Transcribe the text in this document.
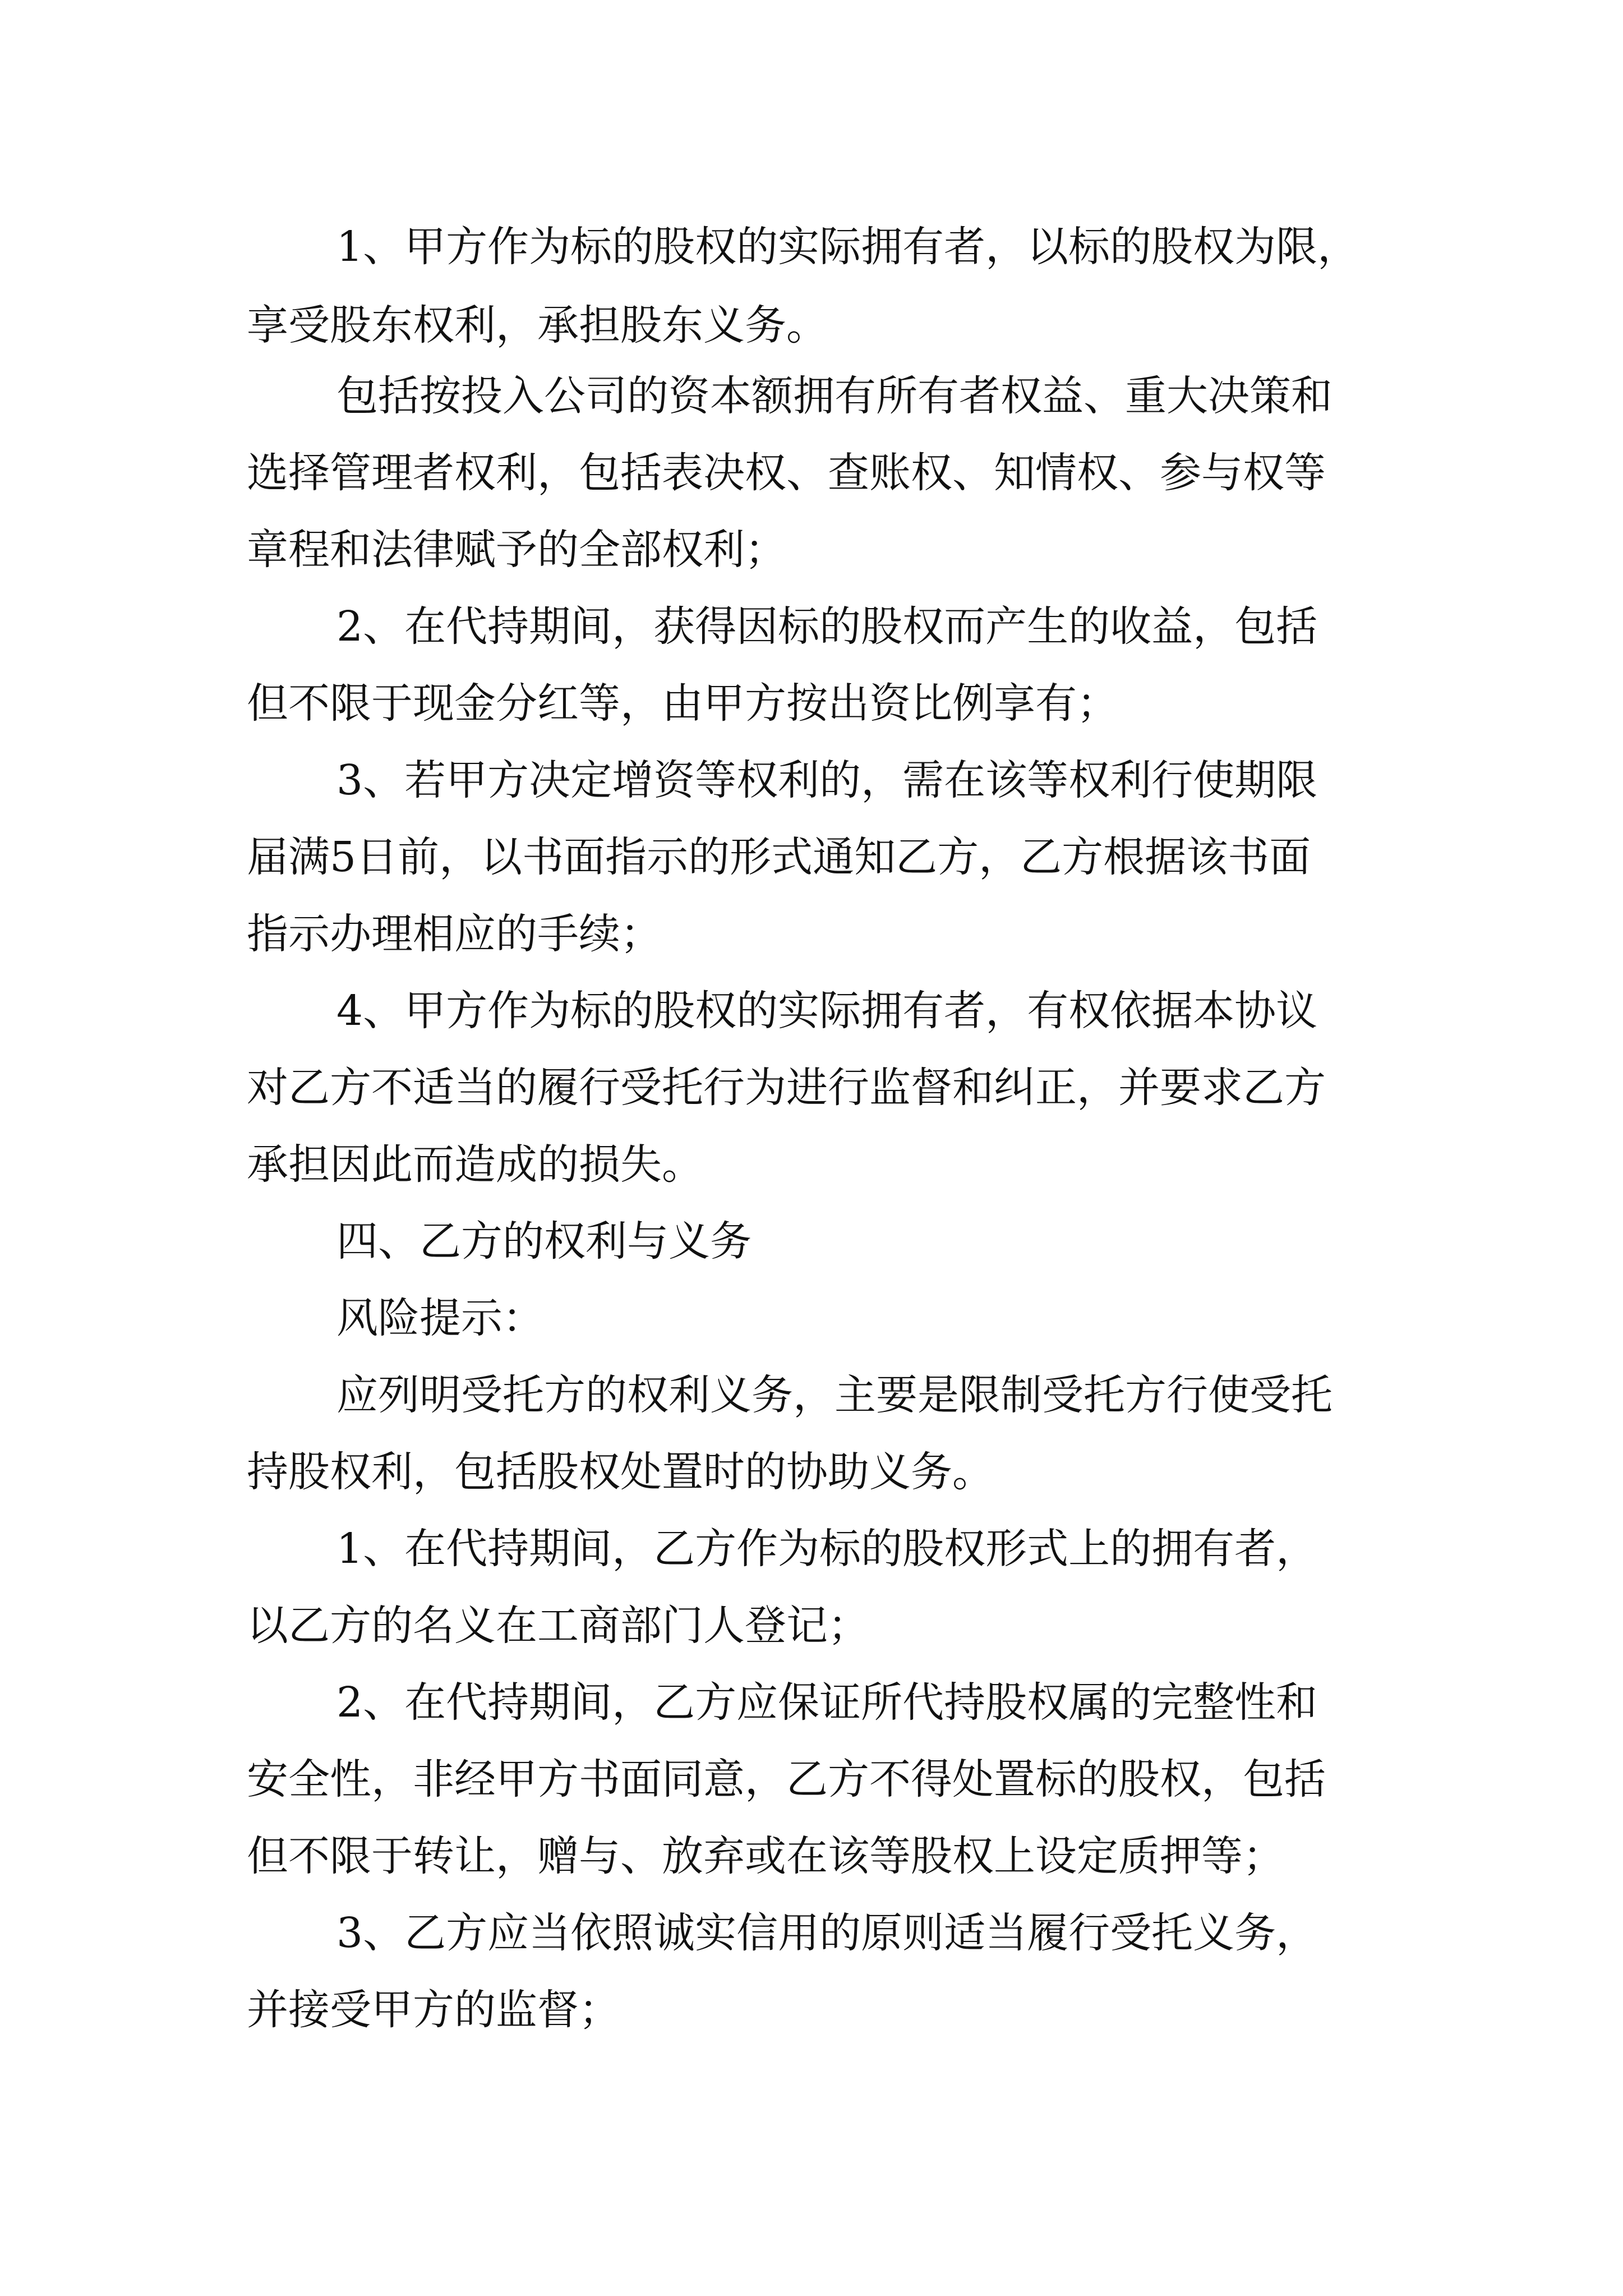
1、甲方作为标的股权的实际拥有者，以标的股权为限，
享受股东权利，承担股东义务。
包括按投入公司的资本额拥有所有者权益、重大决策和
选择管理者权利，包括表决权、查账权、知情权、参与权等
章程和法律赋予的全部权利；
2、在代持期间，获得因标的股权而产生的收益，包括
但不限于现金分红等，由甲方按出资比例享有；
3、若甲方决定增资等权利的，需在该等权利行使期限
届满5日前，以书面指示的形式通知乙方，乙方根据该书面
指示办理相应的手续；
4、甲方作为标的股权的实际拥有者，有权依据本协议
对乙方不适当的履行受托行为进行监督和纠正，并要求乙方
承担因此而造成的损失。
四、乙方的权利与义务
风险提示：
应列明受托方的权利义务，主要是限制受托方行使受托
持股权利，包括股权处置时的协助义务。
1、在代持期间，乙方作为标的股权形式上的拥有者，
以乙方的名义在工商部门人登记；
2、在代持期间，乙方应保证所代持股权属的完整性和
安全性，非经甲方书面同意，乙方不得处置标的股权，包括
但不限于转让，赠与、放弃或在该等股权上设定质押等；
3、乙方应当依照诚实信用的原则适当履行受托义务，
并接受甲方的监督；
